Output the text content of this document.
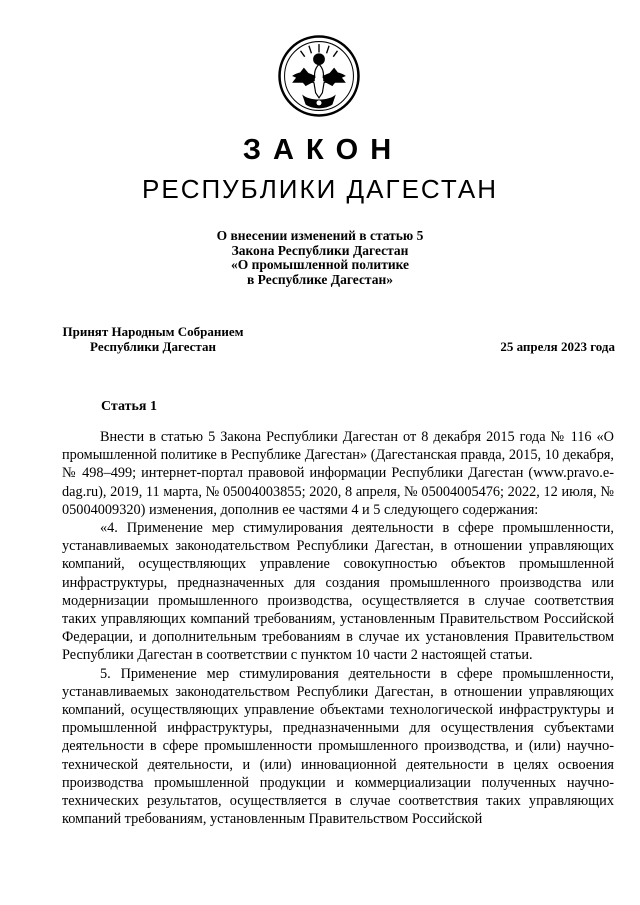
ЗАКОН
РЕСПУБЛИКИ ДАГЕСТАН
О внесении изменений в статью 5
Закона Республики Дагестан
«О промышленной политике
в Республике Дагестан»
Принят Народным Собранием
Республики Дагестан	25 апреля 2023 года
Статья 1

Внести в статью 5 Закона Республики Дагестан от 8 декабря 2015 года № 116 «О промышленной политике в Республике Дагестан» (Дагестанская правда, 2015, 10 декабря, № 498–499; интернет-портал правовой информации Республики Дагестан (www.pravo.e-dag.ru), 2019, 11 марта, № 05004003855; 2020, 8 апреля, № 05004005476; 2022, 12 июля, № 05004009320) изменения, дополнив ее частями 4 и 5 следующего содержания:

«4. Применение мер стимулирования деятельности в сфере промышленности, устанавливаемых законодательством Республики Дагестан, в отношении управляющих компаний, осуществляющих управление совокупностью объектов промышленной инфраструктуры, предназначенных для создания промышленного производства или модернизации промышленного производства, осуществляется в случае соответствия таких управляющих компаний требованиям, установленным Правительством Российской Федерации, и дополнительным требованиям в случае их установления Правительством Республики Дагестан в соответствии с пунктом 10 части 2 настоящей статьи.

5. Применение мер стимулирования деятельности в сфере промышленности, устанавливаемых законодательством Республики Дагестан, в отношении управляющих компаний, осуществляющих управление объектами технологической инфраструктуры и промышленной инфраструктуры, предназначенными для осуществления субъектами деятельности в сфере промышленности промышленного производства, и (или) научно-технической деятельности, и (или) инновационной деятельности в целях освоения производства промышленной продукции и коммерциализации полученных научно-технических результатов, осуществляется в случае соответствия таких управляющих компаний требованиям, установленным Правительством Российской
